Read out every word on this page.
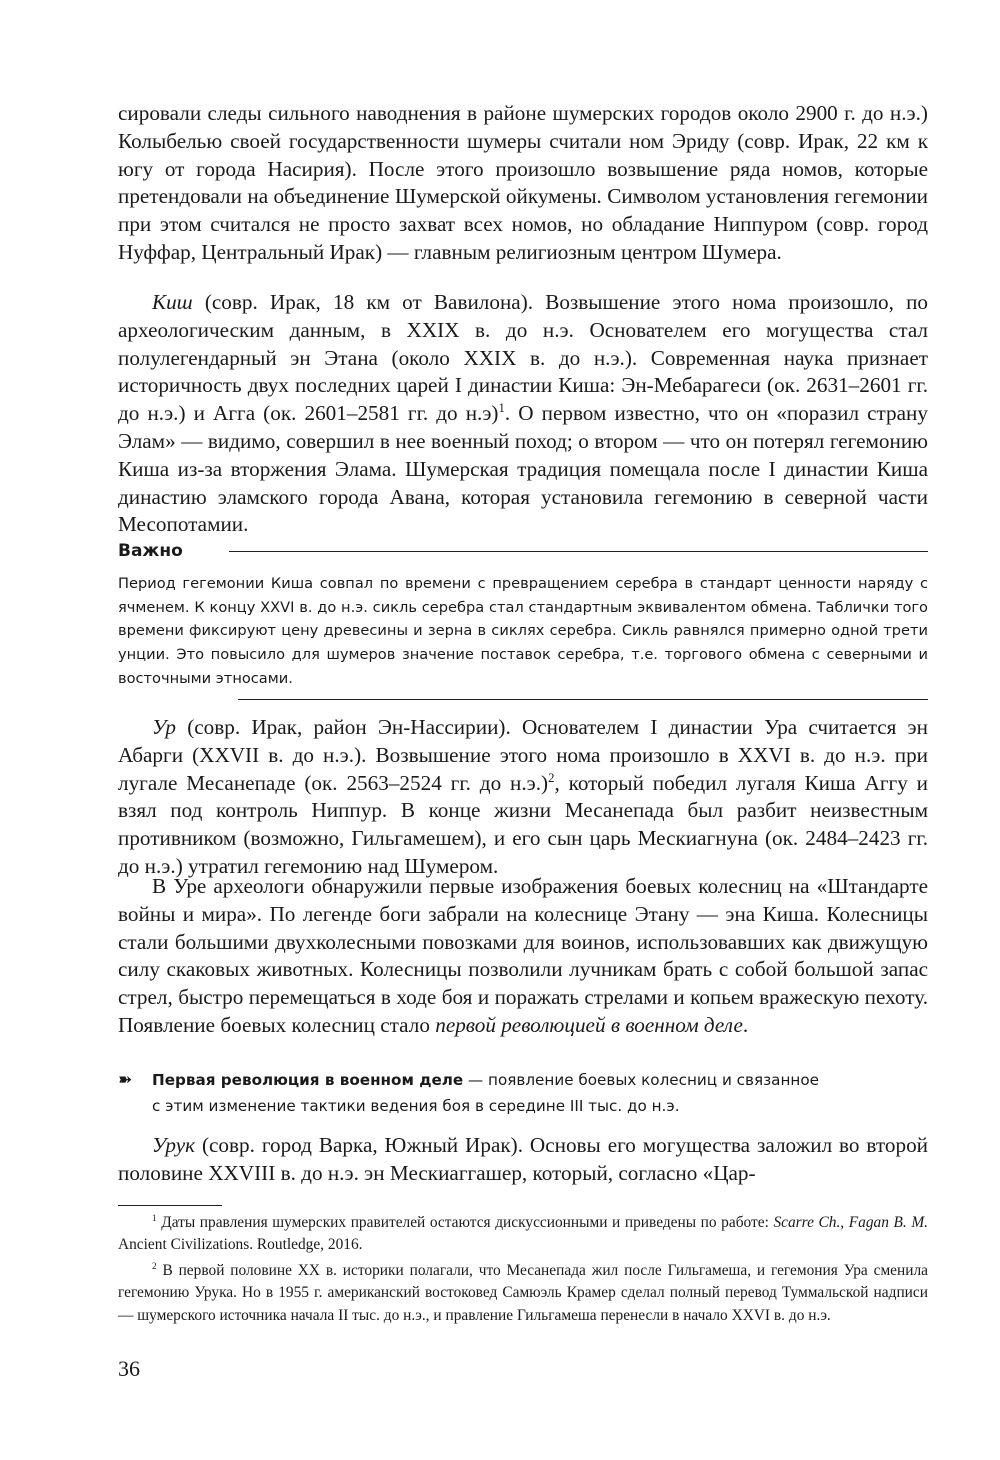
сировали следы сильного наводнения в районе шумерских городов около 2900 г. до н.э.) Колыбелью своей государственности шумеры считали ном Эриду (совр. Ирак, 22 км к югу от города Насирия). После этого произошло возвышение ряда номов, которые претендовали на объединение Шумерской ойкумены. Символом установления гегемонии при этом считался не просто захват всех номов, но обладание Ниппуром (совр. город Нуффар, Центральный Ирак) — главным религиозным центром Шумера.

Киш (совр. Ирак, 18 км от Вавилона). Возвышение этого нома произошло, по археологическим данным, в XXIX в. до н.э. Основателем его могущества стал полулегендарный эн Этана (около XXIX в. до н.э.). Современная наука признает историчность двух последних царей I династии Киша: Эн-Мебарагеси (ок. 2631–2601 гг. до н.э.) и Агга (ок. 2601–2581 гг. до н.э)$^1$. О первом известно, что он «поразил страну Элам» — видимо, совершил в нее военный поход; о втором — что он потерял гегемонию Киша из-за вторжения Элама. Шумерская традиция помещала после I династии Киша династию эламского города Авана, которая установила гегемонию в северной части Месопотамии.

Важно

Период гегемонии Киша совпал по времени с превращением серебра в стандарт ценности наряду с ячменем. К концу XXVI в. до н.э. сикль серебра стал стандартным эквивалентом обмена. Таблички того времени фиксируют цену древесины и зерна в сиклях серебра. Сикль равнялся примерно одной трети унции. Это повысило для шумеров значение поставок серебра, т.е. торгового обмена с северными и восточными этносами.

Ур (совр. Ирак, район Эн-Нассирии). Основателем I династии Ура считается эн Абарги (XXVII в. до н.э.). Возвышение этого нома произошло в XXVI в. до н.э. при лугале Месанепаде (ок. 2563–2524 гг. до н.э.)$^2$, который победил лугаля Киша Аггу и взял под контроль Ниппур. В конце жизни Месанепада был разбит неизвестным противником (возможно, Гильгамешем), и его сын царь Мескиагнуна (ок. 2484–2423 гг. до н.э.) утратил гегемонию над Шумером.

В Уре археологи обнаружили первые изображения боевых колесниц на «Штандарте войны и мира». По легенде боги забрали на колеснице Этану — эна Киша. Колесницы стали большими двухколесными повозками для воинов, использовавших как движущую силу скаковых животных. Колесницы позволили лучникам брать с собой большой запас стрел, быстро перемещаться в ходе боя и поражать стрелами и копьем вражескую пехоту. Появление боевых колесниц стало первой революцией в военном деле.

➽ Первая революция в военном деле — появление боевых колесниц и связанное
с этим изменение тактики ведения боя в середине III тыс. до н.э.

Урук (совр. город Варка, Южный Ирак). Основы его могущества заложил во второй половине XXVIII в. до н.э. эн Мескиаггашер, который, согласно «Цар-

$^1$ Даты правления шумерских правителей остаются дискуссионными и приведены по работе: Scarre Ch., Fagan B. M. Ancient Civilizations. Routledge, 2016.

$^2$ В первой половине XX в. историки полагали, что Месанепада жил после Гильгамеша, и гегемония Ура сменила гегемонию Урука. Но в 1955 г. американский востоковед Самюэль Крамер сделал полный перевод Туммальской надписи — шумерского источника начала II тыс. до н.э., и правление Гильгамеша перенесли в начало XXVI в. до н.э.

36
